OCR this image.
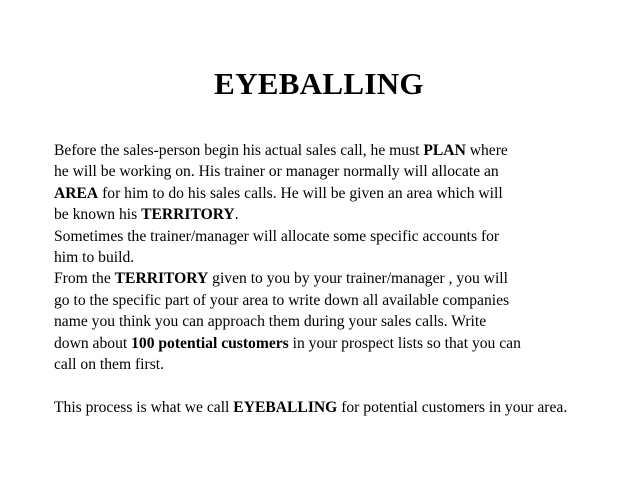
EYEBALLING
Before the sales-person begin his actual sales call, he must PLAN where
he will be working on. His trainer or manager normally will allocate an
AREA for him to do his sales calls. He will be given an area which will
be known his TERRITORY.
Sometimes the trainer/manager will allocate some specific accounts for
him to build.
From the TERRITORY given to you by your trainer/manager , you will
go to the specific part of your area to write down all available companies
name you think you can approach them during your sales calls. Write
down about 100 potential customers in your prospect lists so that you can
call on them first.
This process is what we call EYEBALLING for potential customers in your area.
